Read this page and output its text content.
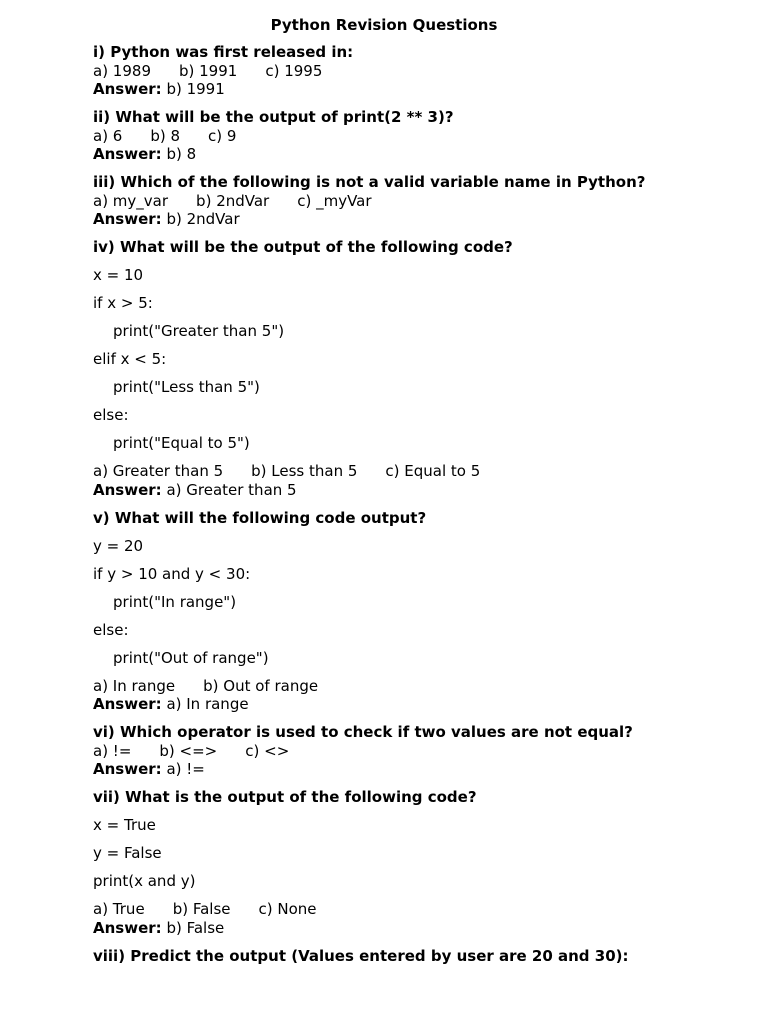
Python Revision Questions
i) Python was first released in:
a) 1989 b) 1991 c) 1995
Answer: b) 1991
ii) What will be the output of print(2 ** 3)?
a) 6 b) 8 c) 9
Answer: b) 8
iii) Which of the following is not a valid variable name in Python?
a) my_var b) 2ndVar c) _myVar
Answer: b) 2ndVar
iv) What will be the output of the following code?
x = 10
if x > 5:
print("Greater than 5")
elif x < 5:
print("Less than 5")
else:
print("Equal to 5")
a) Greater than 5 b) Less than 5 c) Equal to 5
Answer: a) Greater than 5
v) What will the following code output?
y = 20
if y > 10 and y < 30:
print("In range")
else:
print("Out of range")
a) In range b) Out of range
Answer: a) In range
vi) Which operator is used to check if two values are not equal?
a) != b) <=> c) <>
Answer: a) !=
vii) What is the output of the following code?
x = True
y = False
print(x and y)
a) True b) False c) None
Answer: b) False
viii) Predict the output (Values entered by user are 20 and 30):
